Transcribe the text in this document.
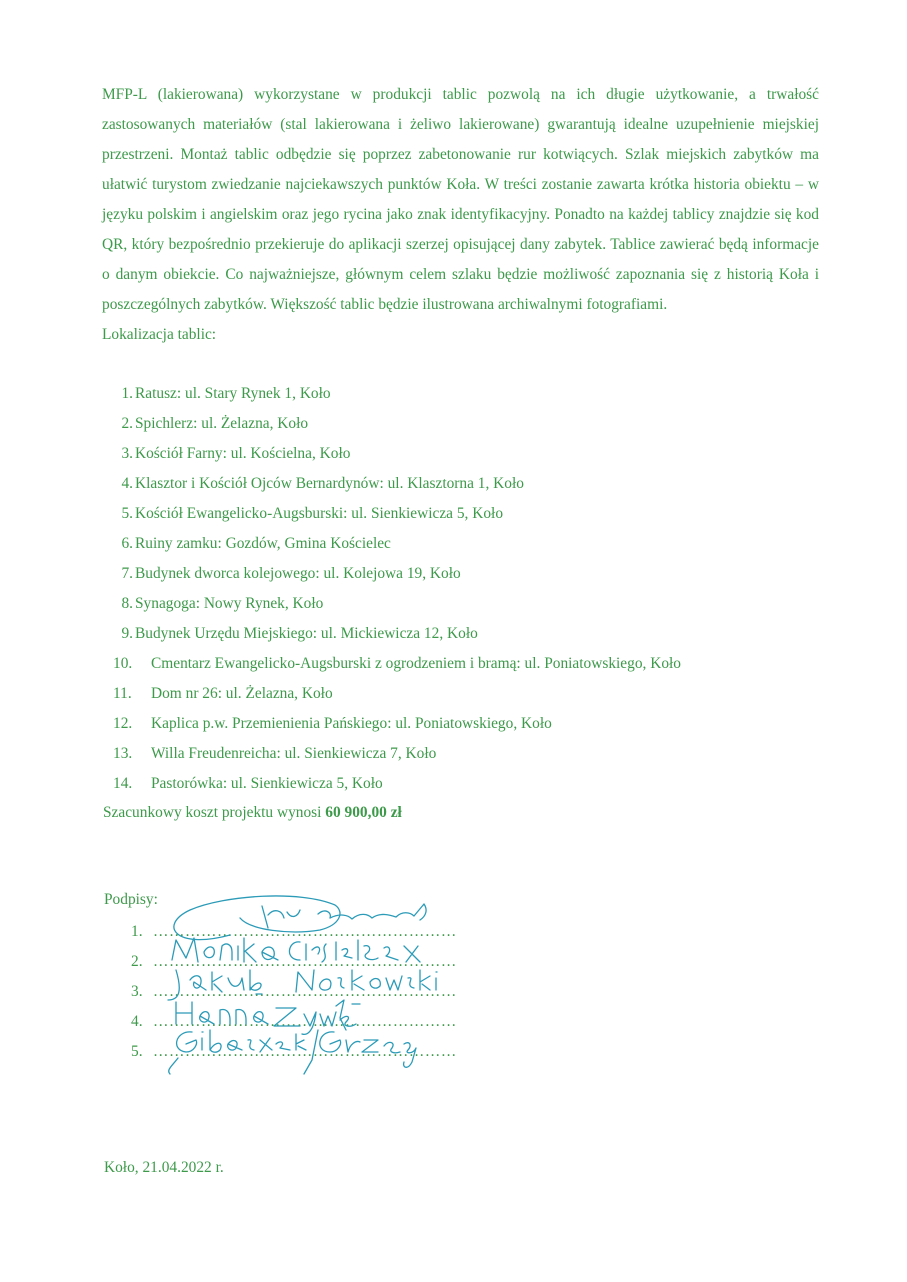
MFP-L (lakierowana) wykorzystane w produkcji tablic pozwolą na ich długie użytkowanie, a trwałość zastosowanych materiałów (stal lakierowana i żeliwo lakierowane) gwarantują idealne uzupełnienie miejskiej przestrzeni. Montaż tablic odbędzie się poprzez zabetonowanie rur kotwiących. Szlak miejskich zabytków ma ułatwić turystom zwiedzanie najciekawszych punktów Koła. W treści zostanie zawarta krótka historia obiektu – w języku polskim i angielskim oraz jego rycina jako znak identyfikacyjny. Ponadto na każdej tablicy znajdzie się kod QR, który bezpośrednio przekieruje do aplikacji szerzej opisującej dany zabytek. Tablice zawierać będą informacje o danym obiekcie. Co najważniejsze, głównym celem szlaku będzie możliwość zapoznania się z historią Koła i poszczególnych zabytków. Większość tablic będzie ilustrowana archiwalnymi fotografiami.
Lokalizacja tablic:

1. Ratusz: ul. Stary Rynek 1, Koło
2. Spichlerz: ul. Żelazna, Koło
3. Kościół Farny: ul. Kościelna, Koło
4. Klasztor i Kościół Ojców Bernardynów: ul. Klasztorna 1, Koło
5. Kościół Ewangelicko-Augsburski: ul. Sienkiewicza 5, Koło
6. Ruiny zamku: Gozdów, Gmina Kościelec
7. Budynek dworca kolejowego: ul. Kolejowa 19, Koło
8. Synagoga: Nowy Rynek, Koło
9. Budynek Urzędu Miejskiego: ul. Mickiewicza 12, Koło
10. Cmentarz Ewangelicko-Augsburski z ogrodzeniem i bramą: ul. Poniatowskiego, Koło
11. Dom nr 26: ul. Żelazna, Koło
12. Kaplica p.w. Przemienienia Pańskiego: ul. Poniatowskiego, Koło
13. Willa Freudenreicha: ul. Sienkiewicza 7, Koło
14. Pastorówka: ul. Sienkiewicza 5, Koło
Szacunkowy koszt projektu wynosi 60 900,00 zł
Podpisy:
1. …………………………………………………
2. …………………………………………………
3. …………………………………………………
4. …………………………………………………
5. …………………………………………………
Koło, 21.04.2022 r.
